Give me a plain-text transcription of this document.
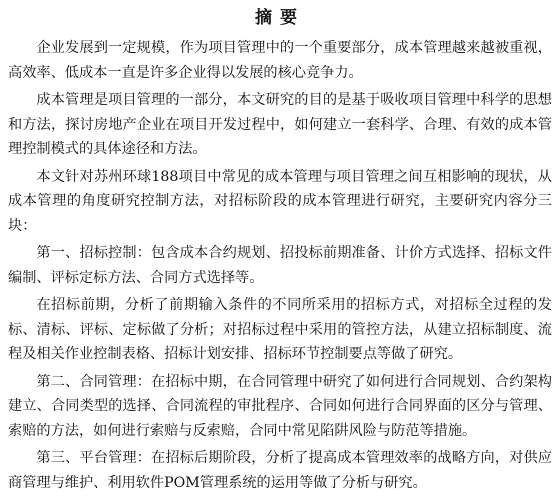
摘要

企业发展到一定规模，作为项目管理中的一个重要部分，成本管理越来越被重视，高效率、低成本一直是许多企业得以发展的核心竞争力。

成本管理是项目管理的一部分，本文研究的目的是基于吸收项目管理中科学的思想和方法，探讨房地产企业在项目开发过程中，如何建立一套科学、合理、有效的成本管理控制模式的具体途径和方法。

本文针对苏州环球188项目中常见的成本管理与项目管理之间互相影响的现状，从成本管理的角度研究控制方法，对招标阶段的成本管理进行研究，主要研究内容分三块：

第一、招标控制：包含成本合约规划、招投标前期准备、计价方式选择、招标文件编制、评标定标方法、合同方式选择等。

在招标前期，分析了前期输入条件的不同所采用的招标方式，对招标全过程的发标、清标、评标、定标做了分析；对招标过程中采用的管控方法，从建立招标制度、流程及相关作业控制表格、招标计划安排、招标环节控制要点等做了研究。

第二、合同管理：在招标中期，在合同管理中研究了如何进行合同规划、合约架构建立、合同类型的选择、合同流程的审批程序、合同如何进行合同界面的区分与管理、索赔的方法，如何进行索赔与反索赔，合同中常见陷阱风险与防范等措施。

第三、平台管理：在招标后期阶段，分析了提高成本管理效率的战略方向，对供应商管理与维护、利用软件POM管理系统的运用等做了分析与研究。
